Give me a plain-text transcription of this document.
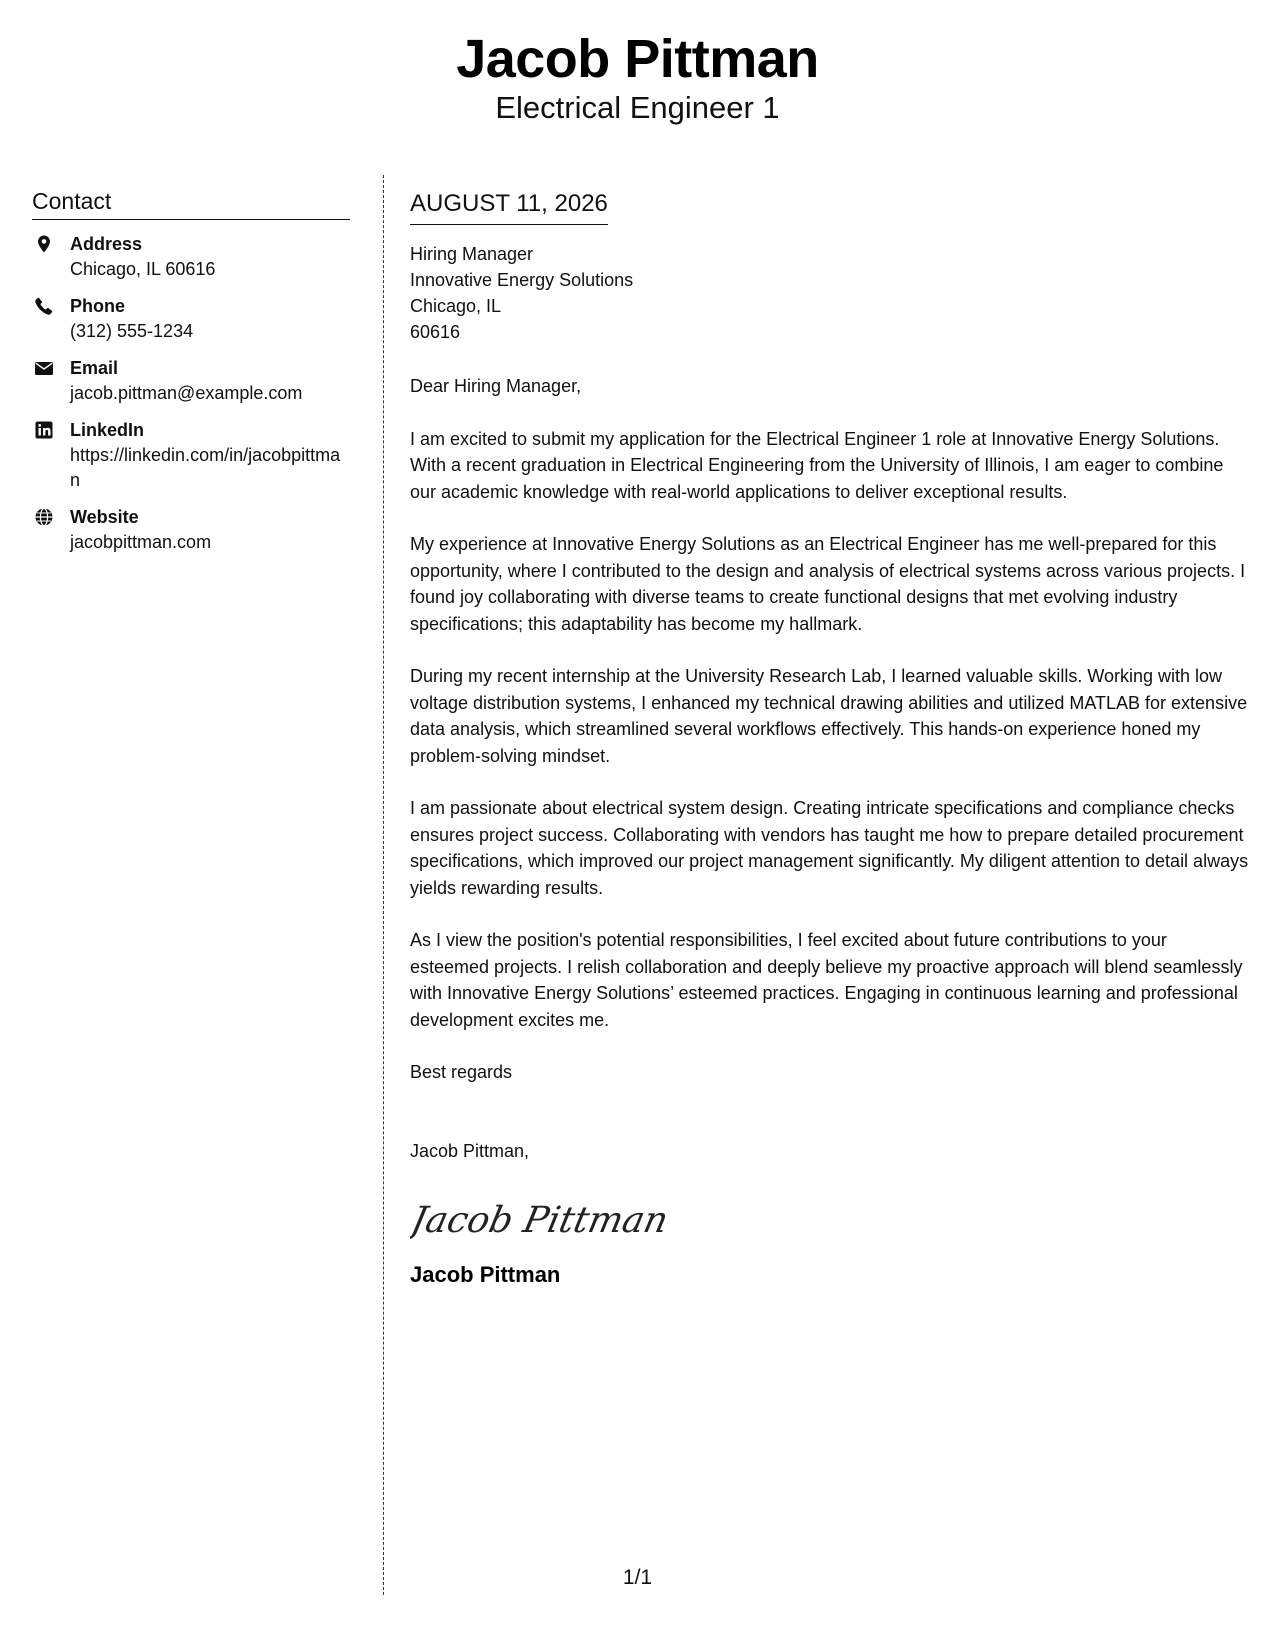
Jacob Pittman
Electrical Engineer 1
Contact
Address
Chicago, IL 60616
Phone
(312) 555-1234
Email
jacob.pittman@example.com
LinkedIn
https://linkedin.com/in/jacobpittman
Website
jacobpittman.com
AUGUST 11, 2026
Hiring Manager
Innovative Energy Solutions
Chicago, IL
60616
Dear Hiring Manager,
I am excited to submit my application for the Electrical Engineer 1 role at Innovative Energy Solutions. With a recent graduation in Electrical Engineering from the University of Illinois, I am eager to combine our academic knowledge with real-world applications to deliver exceptional results.
My experience at Innovative Energy Solutions as an Electrical Engineer has me well-prepared for this opportunity, where I contributed to the design and analysis of electrical systems across various projects. I found joy collaborating with diverse teams to create functional designs that met evolving industry specifications; this adaptability has become my hallmark.
During my recent internship at the University Research Lab, I learned valuable skills. Working with low voltage distribution systems, I enhanced my technical drawing abilities and utilized MATLAB for extensive data analysis, which streamlined several workflows effectively. This hands-on experience honed my problem-solving mindset.
I am passionate about electrical system design. Creating intricate specifications and compliance checks ensures project success. Collaborating with vendors has taught me how to prepare detailed procurement specifications, which improved our project management significantly. My diligent attention to detail always yields rewarding results.
As I view the position's potential responsibilities, I feel excited about future contributions to your esteemed projects. I relish collaboration and deeply believe my proactive approach will blend seamlessly with Innovative Energy Solutions’ esteemed practices. Engaging in continuous learning and professional development excites me.
Best regards
Jacob Pittman,
Jacob Pittman
Jacob Pittman
1/1
